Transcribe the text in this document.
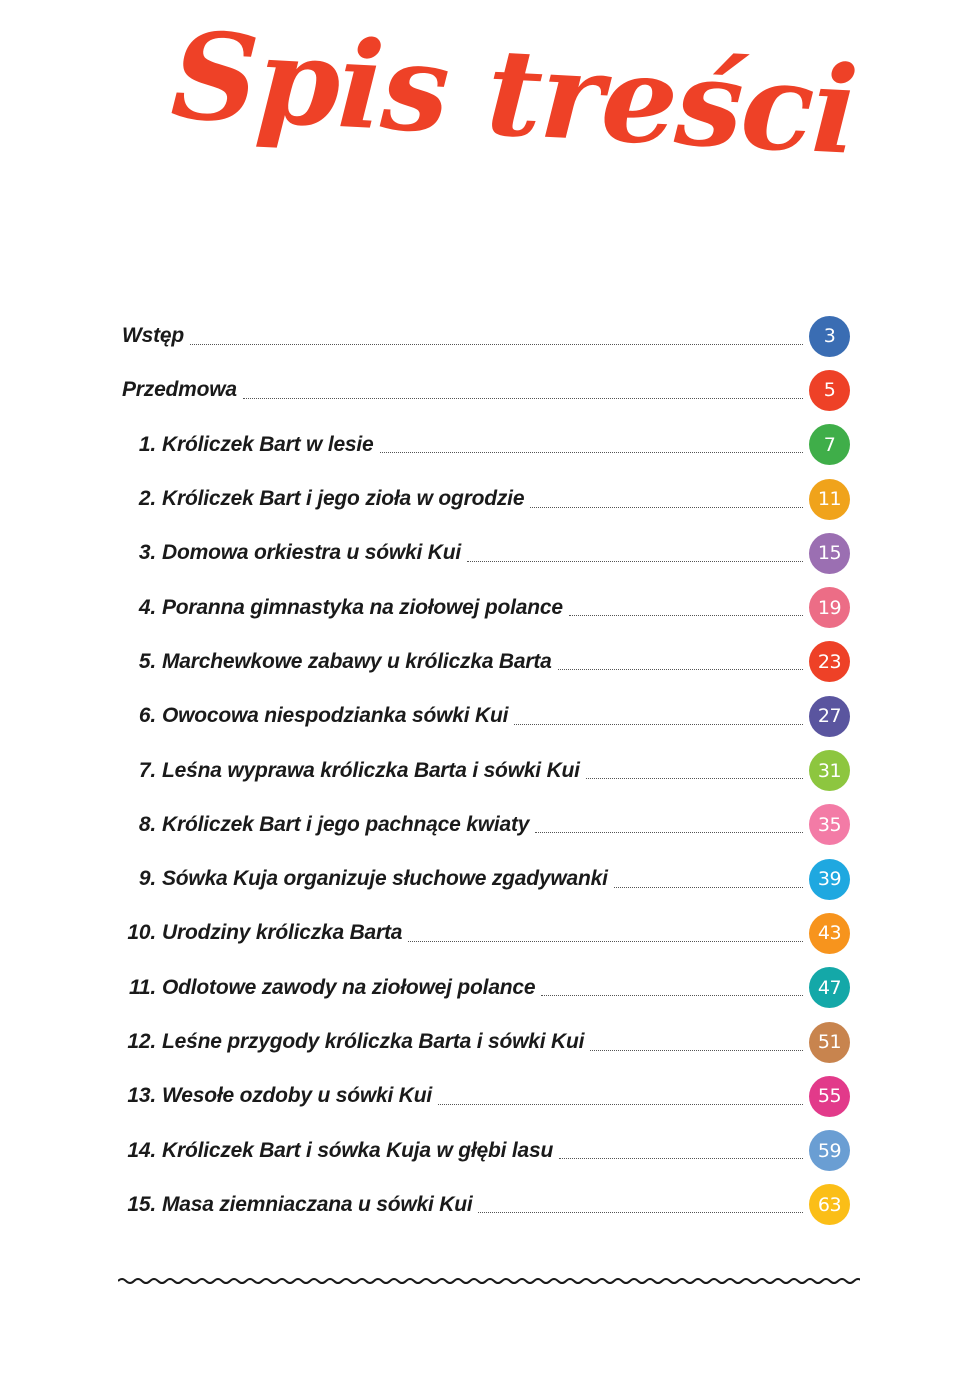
Spis treści
Wstęp	3
Przedmowa	5
1. Króliczek Bart w lesie	7
2. Króliczek Bart i jego zioła w ogrodzie	11
3. Domowa orkiestra u sówki Kui	15
4. Poranna gimnastyka na ziołowej polance	19
5. Marchewkowe zabawy u króliczka Barta	23
6. Owocowa niespodzianka sówki Kui	27
7. Leśna wyprawa króliczka Barta i sówki Kui	31
8. Króliczek Bart i jego pachnące kwiaty	35
9. Sówka Kuja organizuje słuchowe zgadywanki	39
10. Urodziny króliczka Barta	43
11. Odlotowe zawody na ziołowej polance	47
12. Leśne przygody króliczka Barta i sówki Kui	51
13. Wesołe ozdoby u sówki Kui	55
14. Króliczek Bart i sówka Kuja w głębi lasu	59
15. Masa ziemniaczana u sówki Kui	63
